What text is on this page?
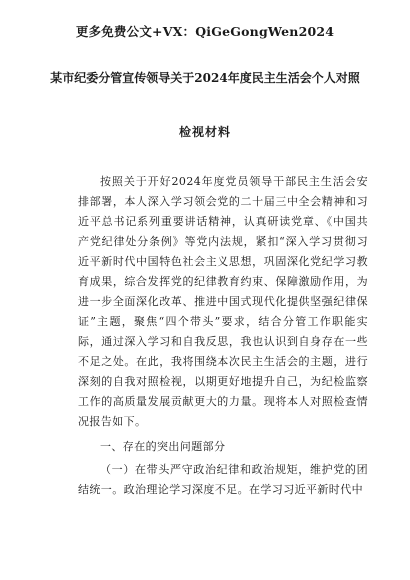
更多免费公文+VX：QiGeGongWen2024
某市纪委分管宣传领导关于2024年度民主生活会个人对照
检视材料

按照关于开好2024年度党员领导干部民主生活会安排部署，本人深入学习领会党的二十届三中全会精神和习近平总书记系列重要讲话精神，认真研读党章、《中国共产党纪律处分条例》等党内法规，紧扣“深入学习贯彻习近平新时代中国特色社会主义思想，巩固深化党纪学习教育成果，综合发挥党的纪律教育约束、保障激励作用，为进一步全面深化改革、推进中国式现代化提供坚强纪律保证”主题，聚焦“四个带头”要求，结合分管工作职能实际，通过深入学习和自我反思，我也认识到自身存在一些不足之处。在此，我将围绕本次民主生活会的主题，进行深刻的自我对照检视，以期更好地提升自己，为纪检监察工作的高质量发展贡献更大的力量。现将本人对照检查情况报告如下。

一、存在的突出问题部分

（一）在带头严守政治纪律和政治规矩，维护党的团结统一。政治理论学习深度不足。在学习习近平新时代中
